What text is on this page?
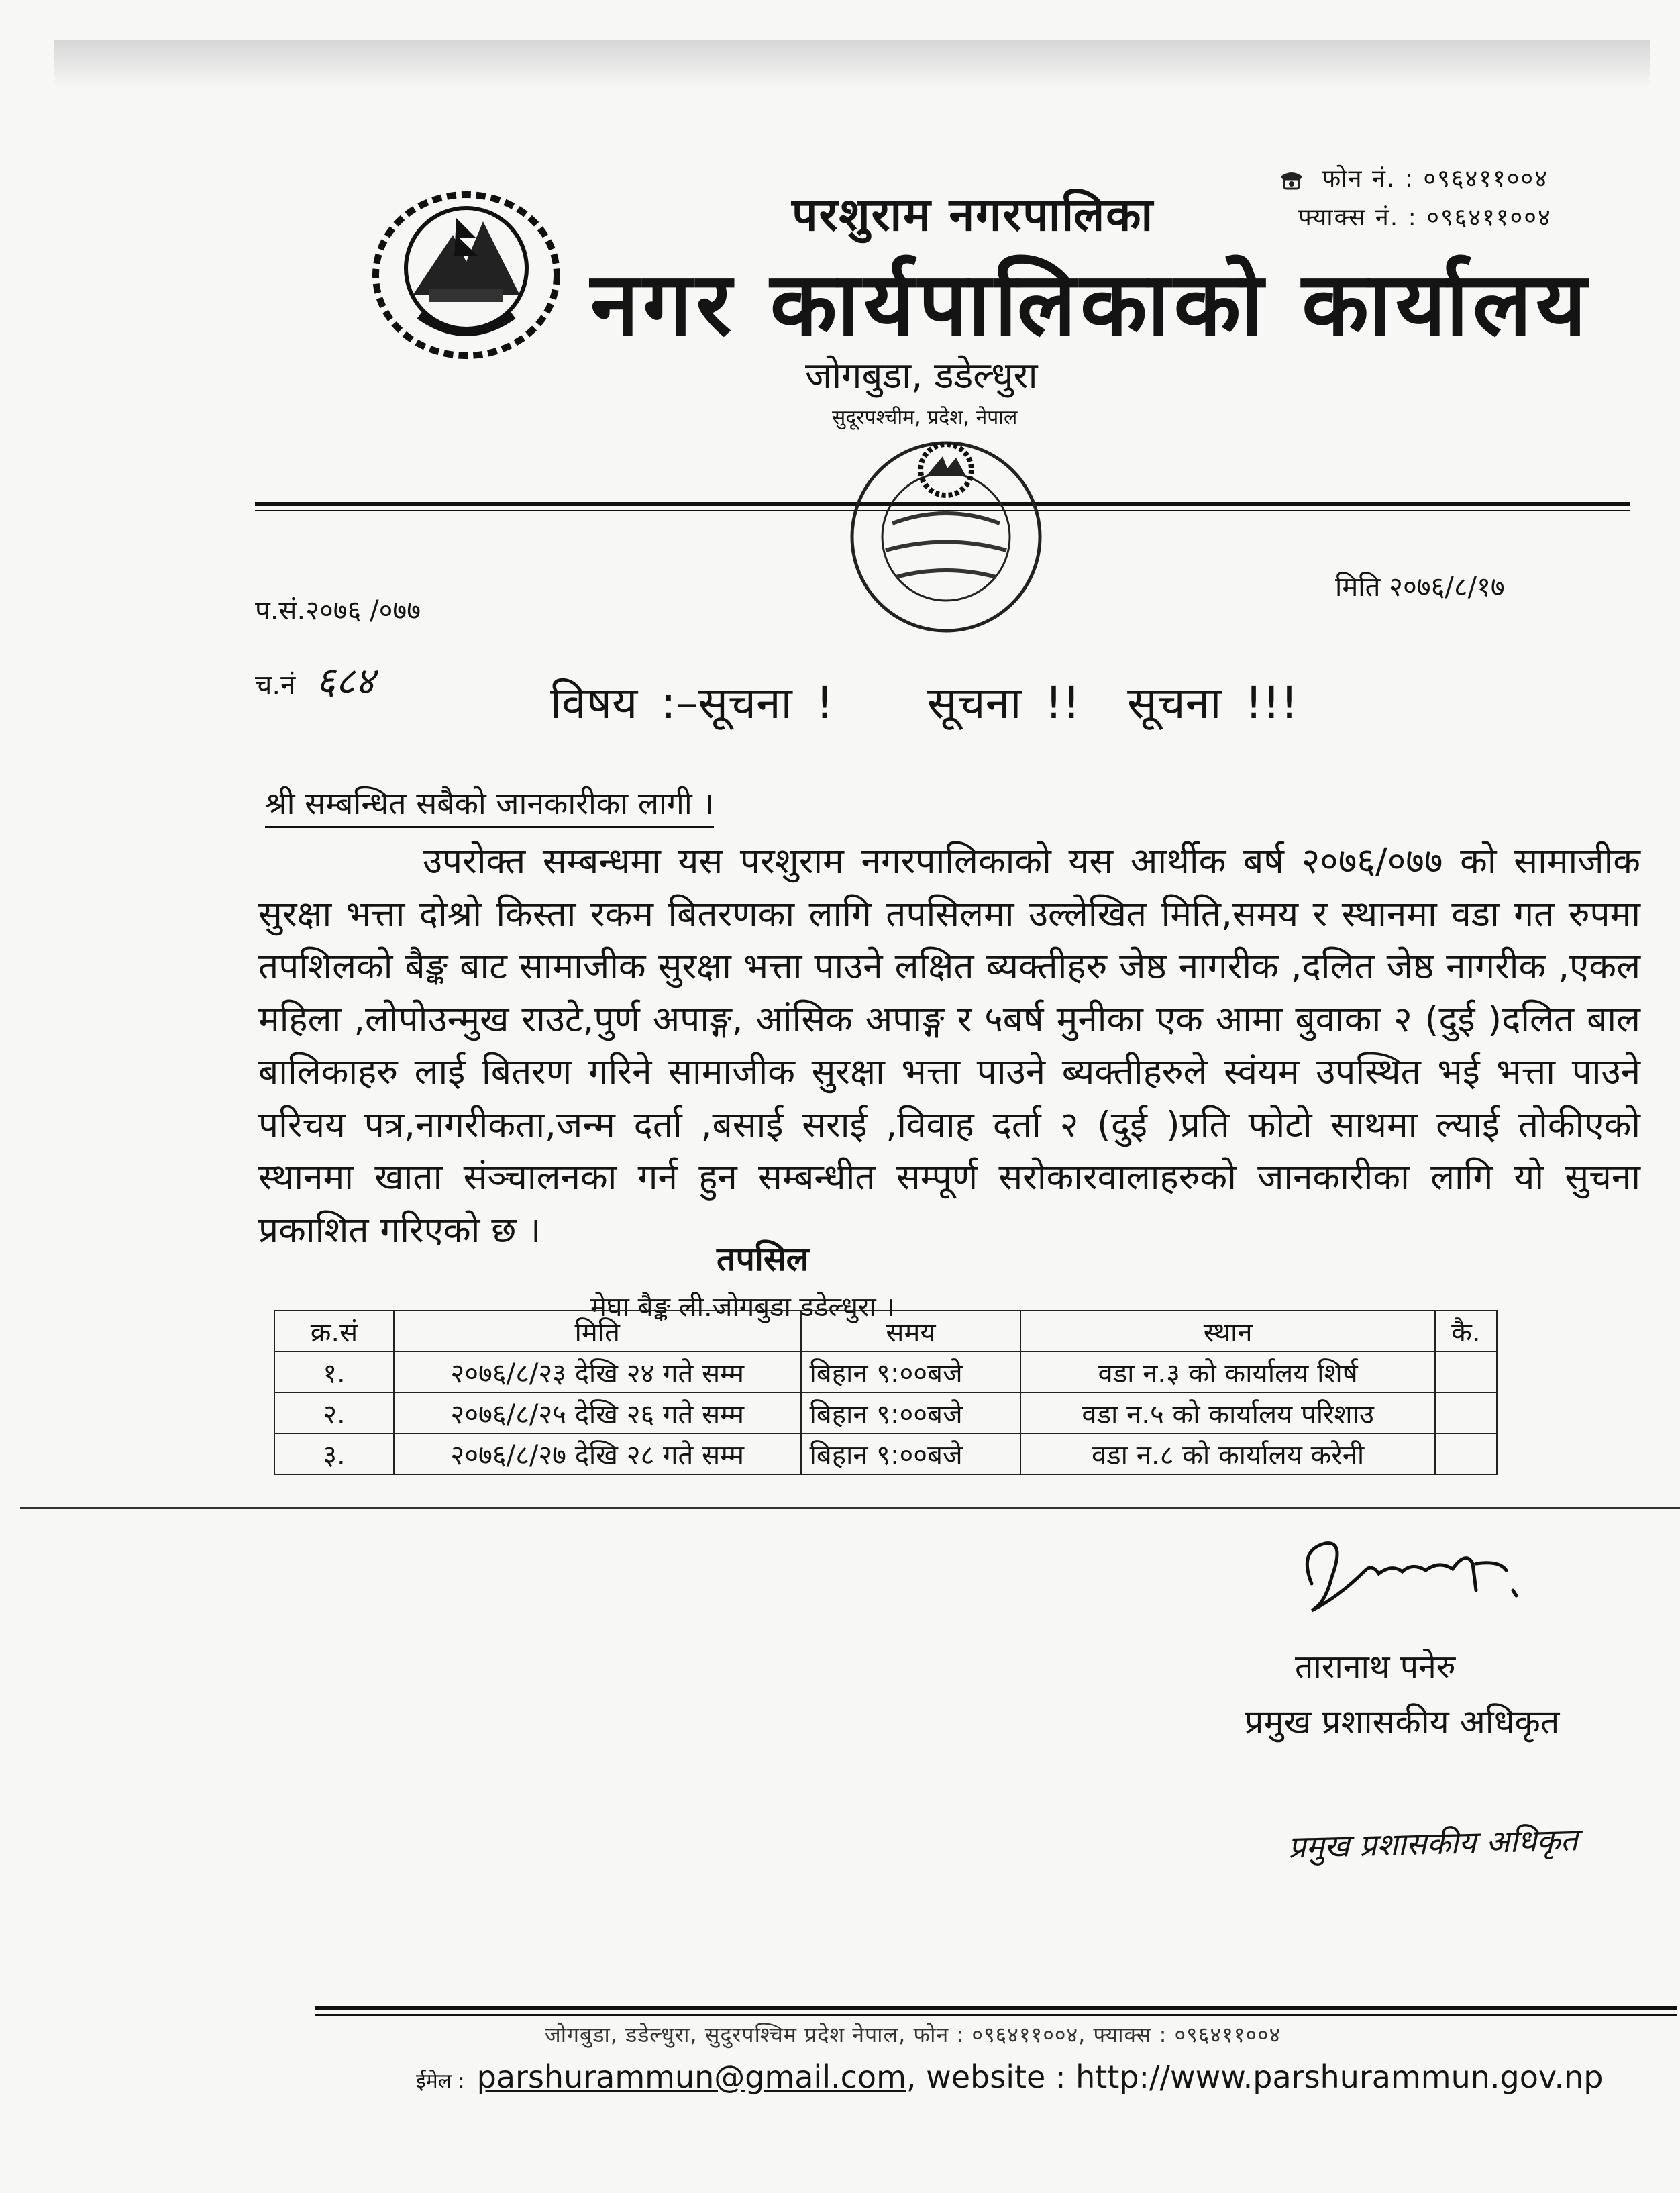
परशुराम नगरपालिका
नगर कार्यपालिकाको कार्यालय
जोगबुडा, डडेल्धुरा
सुदूरपश्चीम, प्रदेश, नेपाल
फोन नं. : ०९६४११००४
फ्याक्स नं. : ०९६४११००४
प.सं.२०७६ /०७७
च.नं ६८४
मिति २०७६/८/१७
विषय :–सूचना !    सूचना !!  सूचना !!!
श्री सम्बन्धित सबैको जानकारीका लागी ।
उपरोक्त सम्बन्धमा यस परशुराम नगरपालिकाको यस आर्थीक बर्ष २०७६/०७७ को सामाजीक सुरक्षा भत्ता दोश्रो किस्ता रकम बितरणका लागि तपसिलमा उल्लेखित मिति,समय र स्थानमा वडा गत रुपमा तपशिलको बैङ्क बाट सामाजीक सुरक्षा भत्ता पाउने लक्षित ब्यक्तीहरु जेष्ठ नागरीक ,दलित जेष्ठ नागरीक ,एकल महिला ,लोपोउन्मुख राउटे,पुर्ण अपाङ्ग, आंसिक अपाङ्ग र ५बर्ष मुनीका एक आमा बुवाका २ (दुई )दलित बाल बालिकाहरु लाई बितरण गरिने सामाजीक सुरक्षा भत्ता पाउने ब्यक्तीहरुले स्वंयम उपस्थित भई भत्ता पाउने परिचय पत्र,नागरीकता,जन्म दर्ता ,बसाई सराई ,विवाह दर्ता २ (दुई )प्रति फोटो साथमा ल्याई तोकीएको स्थानमा खाता संञ्चालनका गर्न हुन सम्बन्धीत सम्पूर्ण सरोकारवालाहरुको जानकारीका लागि यो सुचना प्रकाशित गरिएको छ ।
तपसिल
मेघा बैङ्क ली.जोगबुडा डडेल्धुरा ।
क्र.सं	मिति	समय	स्थान	कै.
१.	२०७६/८/२३ देखि २४ गते सम्म	बिहान ९:००बजे	वडा न.३ को कार्यालय शिर्ष	
२.	२०७६/८/२५ देखि २६ गते सम्म	बिहान ९:००बजे	वडा न.५ को कार्यालय परिशाउ	
३.	२०७६/८/२७ देखि २८ गते सम्म	बिहान ९:००बजे	वडा न.८ को कार्यालय करेनी	
तारानाथ पनेरु
प्रमुख प्रशासकीय अधिकृत
प्रमुख प्रशासकीय अधिकृत
जोगबुडा, डडेल्धुरा, सुदुरपश्चिम प्रदेश नेपाल, फोन : ०९६४११००४, फ्याक्स : ०९६४११००४
ईमेल : parshurammun@gmail.com, website : http://www.parshurammun.gov.np
